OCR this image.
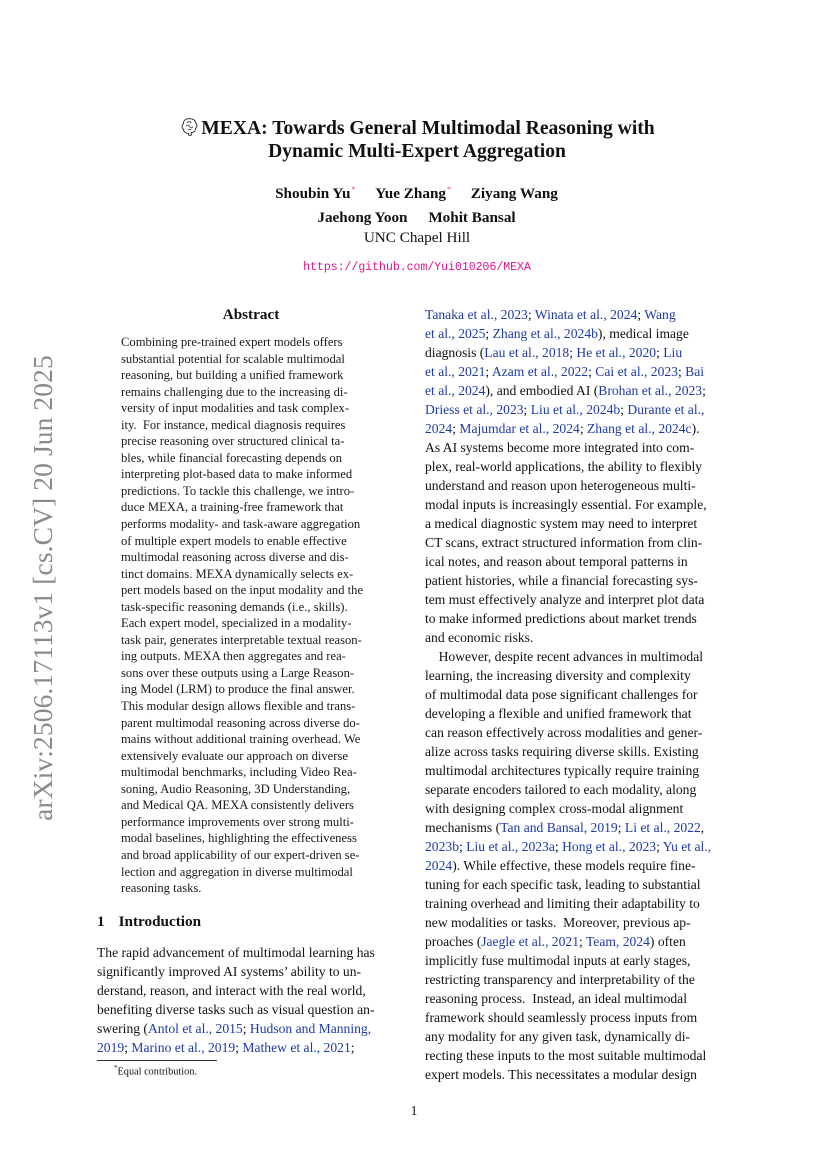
arXiv:2506.17113v1 [cs.CV] 20 Jun 2025
MEXA: Towards General Multimodal Reasoning with
Dynamic Multi-Expert Aggregation
Shoubin Yu* Yue Zhang* Ziyang Wang
Jaehong Yoon Mohit Bansal
UNC Chapel Hill
https://github.com/Yui010206/MEXA
Abstract
Combining pre-trained expert models offers
substantial potential for scalable multimodal
reasoning, but building a unified framework
remains challenging due to the increasing di-
versity of input modalities and task complex-
ity.  For instance, medical diagnosis requires
precise reasoning over structured clinical ta-
bles, while financial forecasting depends on
interpreting plot-based data to make informed
predictions. To tackle this challenge, we intro-
duce MEXA, a training-free framework that
performs modality- and task-aware aggregation
of multiple expert models to enable effective
multimodal reasoning across diverse and dis-
tinct domains. MEXA dynamically selects ex-
pert models based on the input modality and the
task-specific reasoning demands (i.e., skills).
Each expert model, specialized in a modality-
task pair, generates interpretable textual reason-
ing outputs. MEXA then aggregates and rea-
sons over these outputs using a Large Reason-
ing Model (LRM) to produce the final answer.
This modular design allows flexible and trans-
parent multimodal reasoning across diverse do-
mains without additional training overhead. We
extensively evaluate our approach on diverse
multimodal benchmarks, including Video Rea-
soning, Audio Reasoning, 3D Understanding,
and Medical QA. MEXA consistently delivers
performance improvements over strong multi-
modal baselines, highlighting the effectiveness
and broad applicability of our expert-driven se-
lection and aggregation in diverse multimodal
reasoning tasks.
1 Introduction
The rapid advancement of multimodal learning has
significantly improved AI systems’ ability to un-
derstand, reason, and interact with the real world,
benefiting diverse tasks such as visual question an-
swering (Antol et al., 2015; Hudson and Manning,
2019; Marino et al., 2019; Mathew et al., 2021;
Tanaka et al., 2023; Winata et al., 2024; Wang
et al., 2025; Zhang et al., 2024b), medical image
diagnosis (Lau et al., 2018; He et al., 2020; Liu
et al., 2021; Azam et al., 2022; Cai et al., 2023; Bai
et al., 2024), and embodied AI (Brohan et al., 2023;
Driess et al., 2023; Liu et al., 2024b; Durante et al.,
2024; Majumdar et al., 2024; Zhang et al., 2024c).
As AI systems become more integrated into com-
plex, real-world applications, the ability to flexibly
understand and reason upon heterogeneous multi-
modal inputs is increasingly essential. For example,
a medical diagnostic system may need to interpret
CT scans, extract structured information from clin-
ical notes, and reason about temporal patterns in
patient histories, while a financial forecasting sys-
tem must effectively analyze and interpret plot data
to make informed predictions about market trends
and economic risks.
However, despite recent advances in multimodal
learning, the increasing diversity and complexity
of multimodal data pose significant challenges for
developing a flexible and unified framework that
can reason effectively across modalities and gener-
alize across tasks requiring diverse skills. Existing
multimodal architectures typically require training
separate encoders tailored to each modality, along
with designing complex cross-modal alignment
mechanisms (Tan and Bansal, 2019; Li et al., 2022,
2023b; Liu et al., 2023a; Hong et al., 2023; Yu et al.,
2024). While effective, these models require fine-
tuning for each specific task, leading to substantial
training overhead and limiting their adaptability to
new modalities or tasks.  Moreover, previous ap-
proaches (Jaegle et al., 2021; Team, 2024) often
implicitly fuse multimodal inputs at early stages,
restricting transparency and interpretability of the
reasoning process.  Instead, an ideal multimodal
framework should seamlessly process inputs from
any modality for any given task, dynamically di-
recting these inputs to the most suitable multimodal
expert models. This necessitates a modular design
*Equal contribution.
1
